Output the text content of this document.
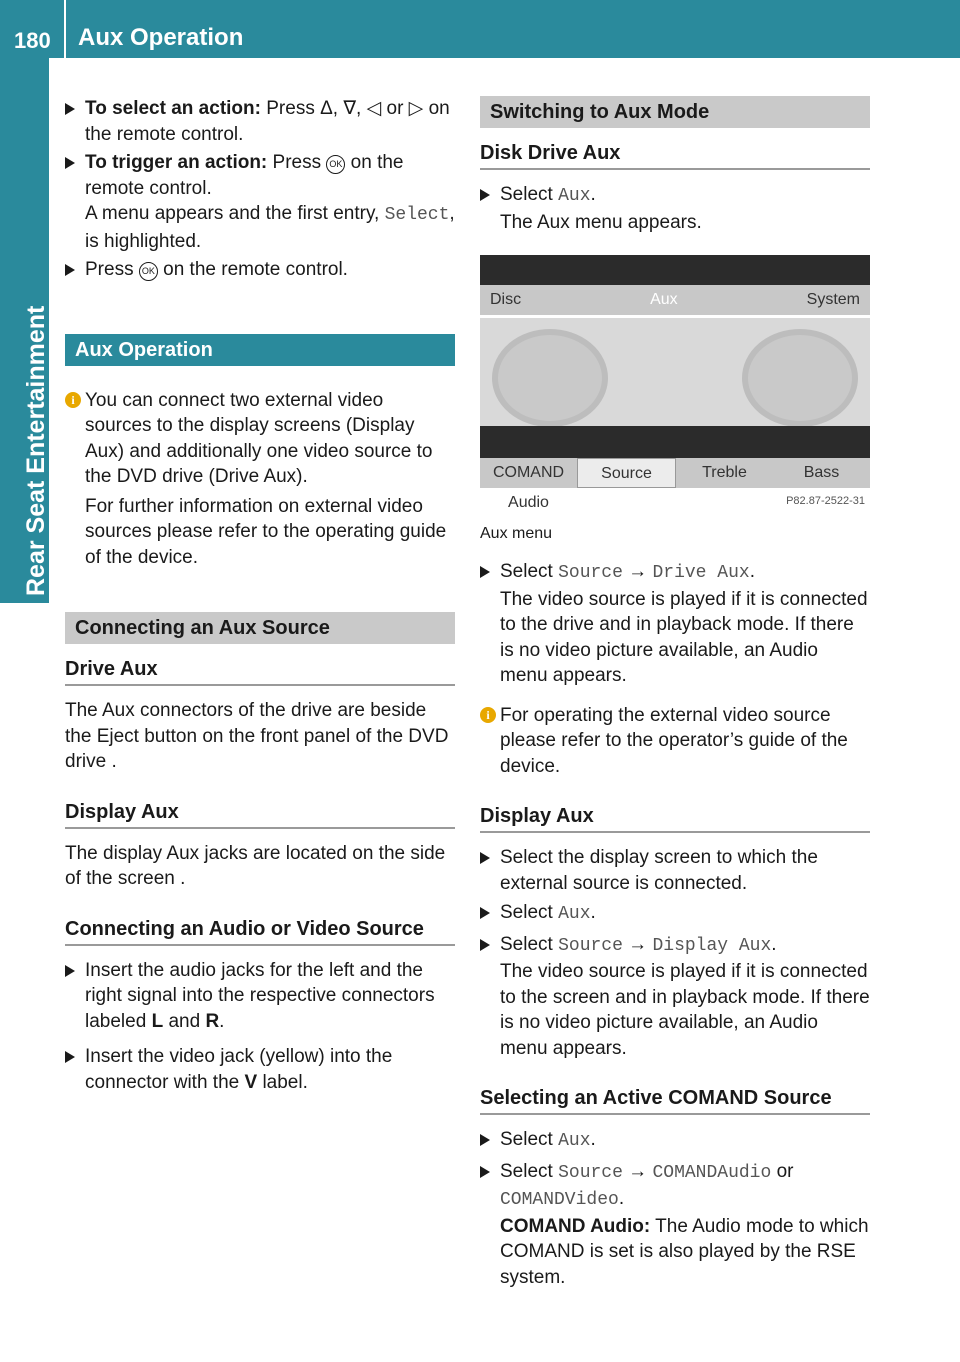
180 Aux Operation
Rear Seat Entertainment
To select an action: Press Δ, ∇, ◁ or ▷ on the remote control.
To trigger an action: Press OK on the remote control.
A menu appears and the first entry, Select, is highlighted.
Press OK on the remote control.
Aux Operation
i You can connect two external video sources to the display screens (Display Aux) and additionally one video source to the DVD drive (Drive Aux).

For further information on external video sources please refer to the operating guide of the device.

Connecting an Aux Source
Drive Aux

The Aux connectors of the drive are beside the Eject button on the front panel of the DVD drive .

Display Aux

The display Aux jacks are located on the side of the screen .

Connecting an Audio or Video Source
Insert the audio jacks for the left and the right signal into the respective connectors labeled L and R.
Insert the video jack (yellow) into the connector with the V label.
Switching to Aux Mode
Disk Drive Aux
Select Aux.
The Aux menu appears.
Disc	Aux	System
COMAND Audio
Source	Treble	Bass
P82.87-2522-31
Aux menu
Select Source → Drive Aux.
The video source is played if it is connected to the drive and in playback mode. If there is no video picture available, an Audio menu appears.
i For operating the external video source please refer to the operator’s guide of the device.

Display Aux
Select the display screen to which the external source is connected.
Select Aux.
Select Source → Display Aux.
The video source is played if it is connected to the screen and in playback mode. If there is no video picture available, an Audio menu appears.
Selecting an Active COMAND Source
Select Aux.
Select Source → COMANDAudio or
COMANDVideo.
COMAND Audio: The Audio mode to which COMAND is set is also played by the RSE system.
